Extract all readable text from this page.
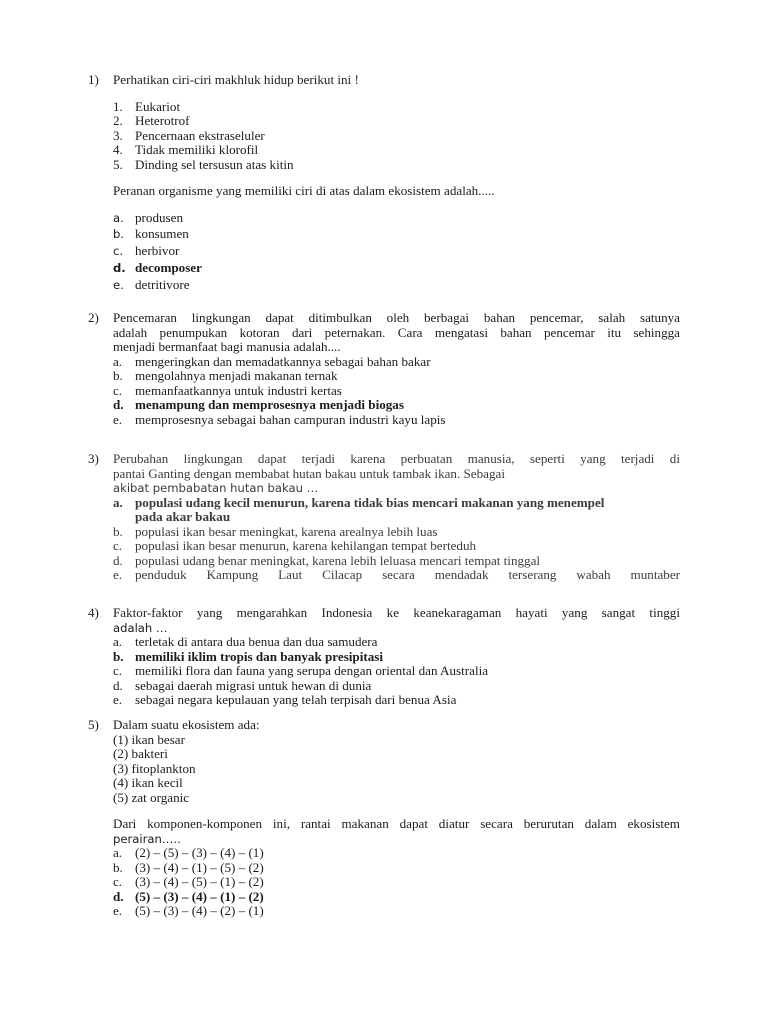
1) Perhatikan ciri-ciri makhluk hidup berikut ini !
1. Eukariot
2. Heterotrof
3. Pencernaan ekstraseluler
4. Tidak memiliki klorofil
5. Dinding sel tersusun atas kitin
Peranan organisme yang memiliki ciri di atas dalam ekosistem adalah.....
a. produsen
b. konsumen
c. herbivor
d. decomposer
e. detritivore
2) Pencemaran lingkungan dapat ditimbulkan oleh berbagai bahan pencemar, salah satunya
adalah penumpukan kotoran dari peternakan. Cara mengatasi bahan pencemar itu sehingga
menjadi bermanfaat bagi manusia adalah....
a. mengeringkan dan memadatkannya sebagai bahan bakar
b. mengolahnya menjadi makanan ternak
c. memanfaatkannya untuk industri kertas
d. menampung dan memprosesnya menjadi biogas
e. memprosesnya sebagai bahan campuran industri kayu lapis
3) Perubahan lingkungan dapat terjadi karena perbuatan manusia, seperti yang terjadi di
pantai Ganting dengan membabat hutan bakau untuk tambak ikan. Sebagai
akibat pembabatan hutan bakau …
a. populasi udang kecil menurun, karena tidak bias mencari makanan yang menempel
pada akar bakau
b. populasi ikan besar meningkat, karena arealnya lebih luas
c. populasi ikan besar menurun, karena kehilangan tempat berteduh
d. populasi udang benar meningkat, karena lebih leluasa mencari tempat tinggal
e. penduduk Kampung Laut Cilacap secara mendadak terserang wabah muntaber
4) Faktor-faktor yang mengarahkan Indonesia ke keanekaragaman hayati yang sangat tinggi
adalah …
a. terletak di antara dua benua dan dua samudera
b. memiliki iklim tropis dan banyak presipitasi
c. memiliki flora dan fauna yang serupa dengan oriental dan Australia
d. sebagai daerah migrasi untuk hewan di dunia
e. sebagai negara kepulauan yang telah terpisah dari benua Asia
5) Dalam suatu ekosistem ada:
(1) ikan besar
(2) bakteri
(3) fitoplankton
(4) ikan kecil
(5) zat organic
Dari komponen-komponen ini, rantai makanan dapat diatur secara berurutan dalam ekosistem
perairan…..
a. (2) – (5) – (3) – (4) – (1)
b. (3) – (4) – (1) – (5) – (2)
c. (3) – (4) – (5) – (1) – (2)
d. (5) – (3) – (4) – (1) – (2)
e. (5) – (3) – (4) – (2) – (1)
